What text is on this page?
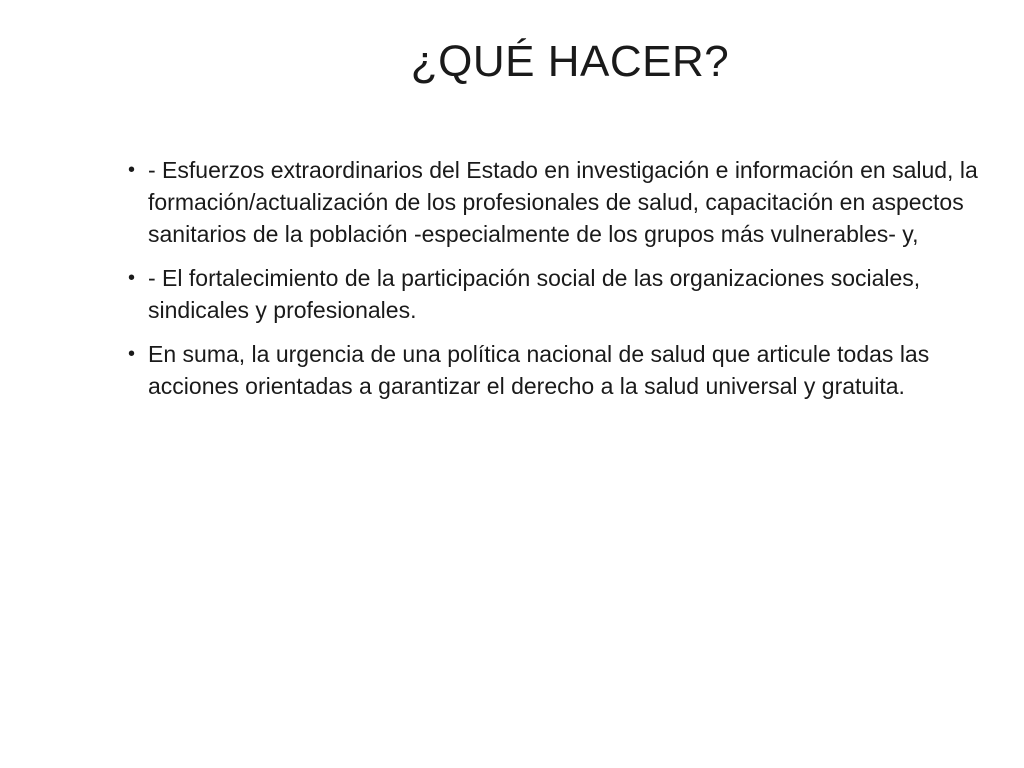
¿QUÉ HACER?
• - Esfuerzos extraordinarios del Estado en investigación e información en salud, la formación/actualización de los profesionales de salud, capacitación en aspectos sanitarios de la población -especialmente de los grupos más vulnerables- y,
• - El fortalecimiento de la participación social de las organizaciones sociales, sindicales y profesionales.
• En suma, la urgencia de una política nacional de salud que articule todas las acciones orientadas a garantizar el derecho a la salud universal y gratuita.
